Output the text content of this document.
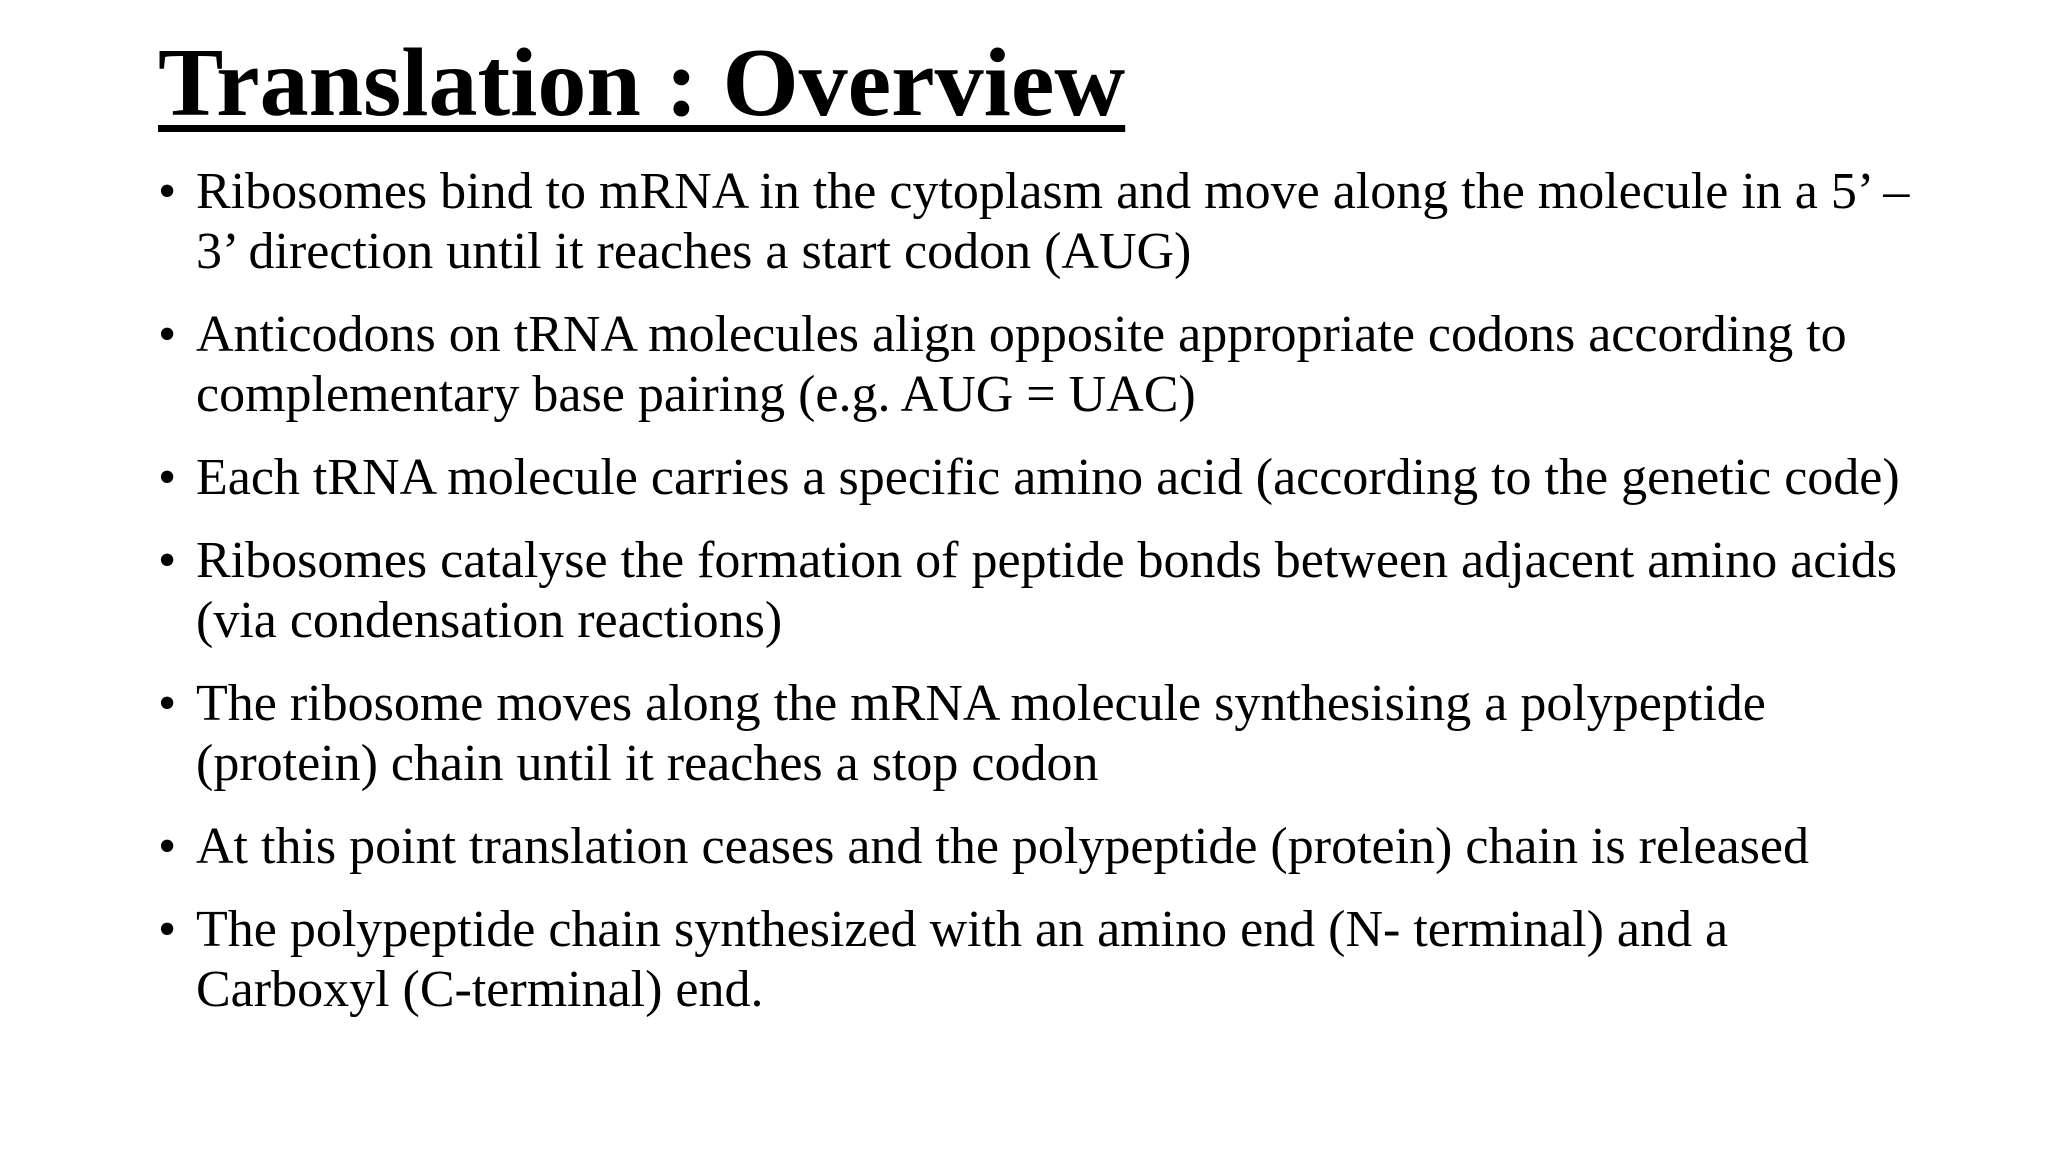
Translation : Overview
• Ribosomes bind to mRNA in the cytoplasm and move along the molecule in a 5’ – 3’ direction until it reaches a start codon (AUG)
• Anticodons on tRNA molecules align opposite appropriate codons according to complementary base pairing (e.g. AUG = UAC)
• Each tRNA molecule carries a specific amino acid (according to the genetic code)
• Ribosomes catalyse the formation of peptide bonds between adjacent amino acids (via condensation reactions)
• The ribosome moves along the mRNA molecule synthesising a polypeptide (protein) chain until it reaches a stop codon
• At this point translation ceases and the polypeptide (protein) chain is released
• The polypeptide chain synthesized with an amino end (N- terminal) and a Carboxyl (C-terminal) end.
